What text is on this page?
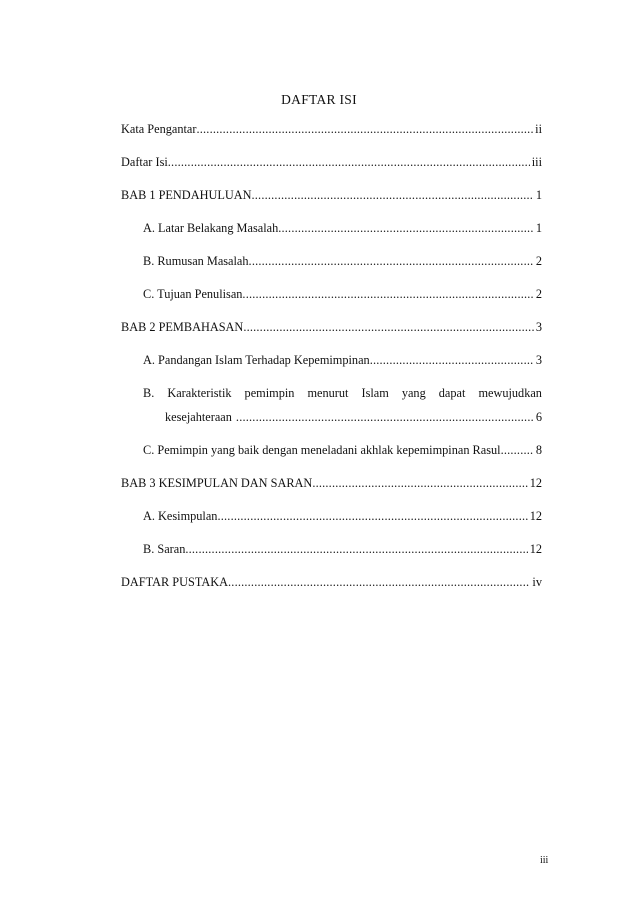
DAFTAR ISI
Kata Pengantar .....	ii
Daftar Isi .....	iii
BAB 1 PENDAHULUAN .....	1
A. Latar Belakang Masalah .....	1
B. Rumusan Masalah .....	2
C. Tujuan Penulisan .....	2
BAB 2 PEMBAHASAN .....	3
A. Pandangan Islam Terhadap Kepemimpinan .....	3
B. Karakteristik pemimpin menurut Islam yang dapat mewujudkan
kesejahteraan .....	6
C. Pemimpin yang baik dengan meneladani akhlak kepemimpinan Rasul .....	8
BAB 3 KESIMPULAN DAN SARAN .....	12
A. Kesimpulan .....	12
B. Saran .....	12
DAFTAR PUSTAKA .....	iv
iii
